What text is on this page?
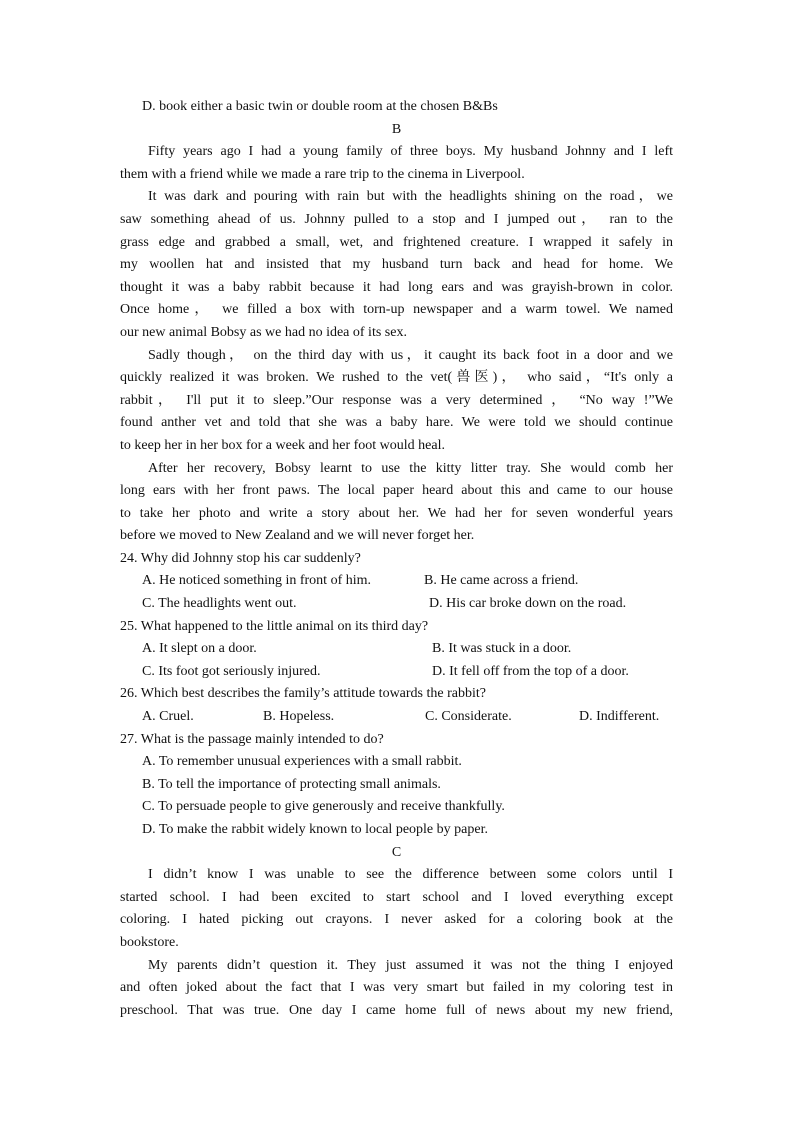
D. book either a basic twin or double room at the chosen B&Bs
B
Fifty years ago I had a young family of three boys. My husband Johnny and I left
them with a friend while we made a rare trip to the cinema in Liverpool.
It was dark and pouring with rain but with the headlights shining on the road，we
saw something ahead of us. Johnny pulled to a stop and I jumped out， ran to the
grass edge and grabbed a small, wet, and frightened creature. I wrapped it safely in
my woollen hat and insisted that my husband turn back and head for home. We
thought it was a baby rabbit because it had long ears and was grayish-brown in color.
Once home， we filled a box with torn-up newspaper and a warm towel. We named
our new animal Bobsy as we had no idea of its sex.
Sadly though， on the third day with us，it caught its back foot in a door and we
quickly realized it was broken. We rushed to the vet(兽医)， who said，“It's only a
rabbit， I'll put it to sleep.”Our response was a very determined ， “No way !”We
found anther vet and told that she was a baby hare. We were told we should continue
to keep her in her box for a week and her foot would heal.
After her recovery, Bobsy learnt to use the kitty litter tray. She would comb her
long ears with her front paws. The local paper heard about this and came to our house
to take her photo and write a story about her. We had her for seven wonderful years
before we moved to New Zealand and we will never forget her.
24. Why did Johnny stop his car suddenly?
A. He noticed something in front of him.	B. He came across a friend.
C. The headlights went out.	D. His car broke down on the road.
25. What happened to the little animal on its third day?
A. It slept on a door.	B. It was stuck in a door.
C. Its foot got seriously injured.	D. It fell off from the top of a door.
26. Which best describes the family’s attitude towards the rabbit?
A. Cruel.	B. Hopeless.	C. Considerate.	D. Indifferent.
27. What is the passage mainly intended to do?
A. To remember unusual experiences with a small rabbit.
B. To tell the importance of protecting small animals.
C. To persuade people to give generously and receive thankfully.
D. To make the rabbit widely known to local people by paper.
C
I didn’t know I was unable to see the difference between some colors until I
started school. I had been excited to start school and I loved everything except
coloring. I hated picking out crayons. I never asked for a coloring book at the
bookstore.
My parents didn’t question it. They just assumed it was not the thing I enjoyed
and often joked about the fact that I was very smart but failed in my coloring test in
preschool. That was true. One day I came home full of news about my new friend,
